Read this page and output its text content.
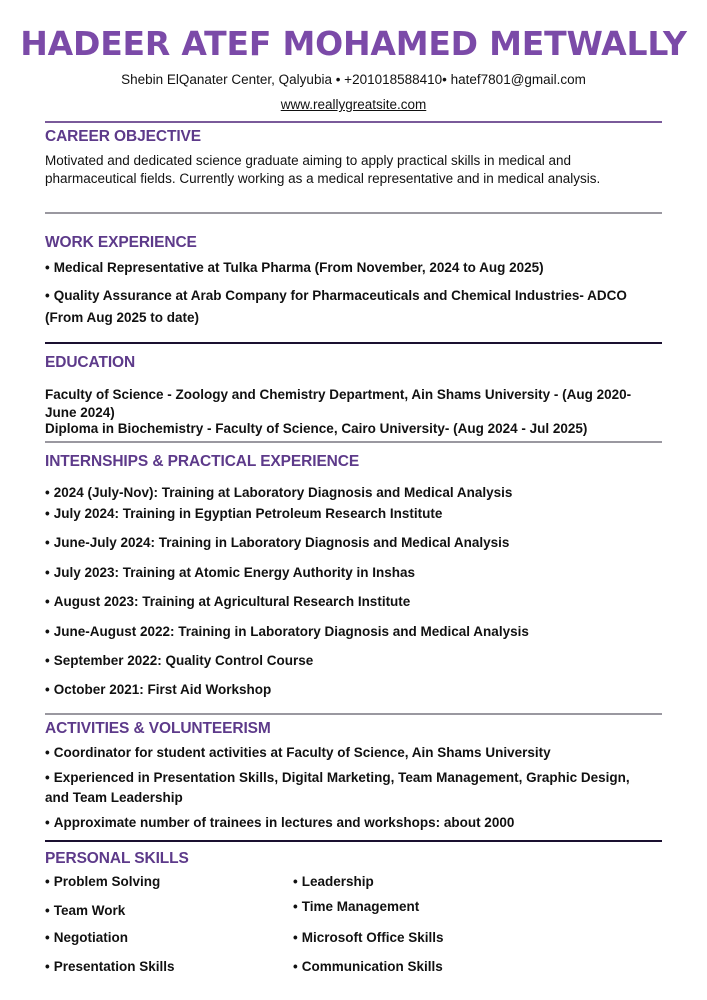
HADEER ATEF MOHAMED METWALLY
Shebin ElQanater Center, Qalyubia • +201018588410• hatef7801@gmail.com
www.reallygreatsite.com
CAREER OBJECTIVE
Motivated and dedicated science graduate aiming to apply practical skills in medical and pharmaceutical fields. Currently working as a medical representative and in medical analysis.
WORK EXPERIENCE
• Medical Representative at Tulka Pharma (From November, 2024 to Aug 2025)
• Quality Assurance at Arab Company for Pharmaceuticals and Chemical Industries- ADCO (From Aug 2025 to date)
EDUCATION
Faculty of Science - Zoology and Chemistry Department, Ain Shams University - (Aug 2020- June 2024)
Diploma in Biochemistry - Faculty of Science, Cairo University- (Aug 2024 - Jul 2025)
INTERNSHIPS & PRACTICAL EXPERIENCE
• 2024 (July-Nov): Training at Laboratory Diagnosis and Medical Analysis
• July 2024: Training in Egyptian Petroleum Research Institute
• June-July 2024: Training in Laboratory Diagnosis and Medical Analysis
• July 2023: Training at Atomic Energy Authority in Inshas
• August 2023: Training at Agricultural Research Institute
• June-August 2022: Training in Laboratory Diagnosis and Medical Analysis
• September 2022: Quality Control Course
• October 2021: First Aid Workshop
ACTIVITIES & VOLUNTEERISM
• Coordinator for student activities at Faculty of Science, Ain Shams University
• Experienced in Presentation Skills, Digital Marketing, Team Management, Graphic Design, and Team Leadership
• Approximate number of trainees in lectures and workshops: about 2000
PERSONAL SKILLS
• Problem Solving
• Team Work
• Negotiation
• Presentation Skills
• Leadership
• Time Management
• Microsoft Office Skills
• Communication Skills
